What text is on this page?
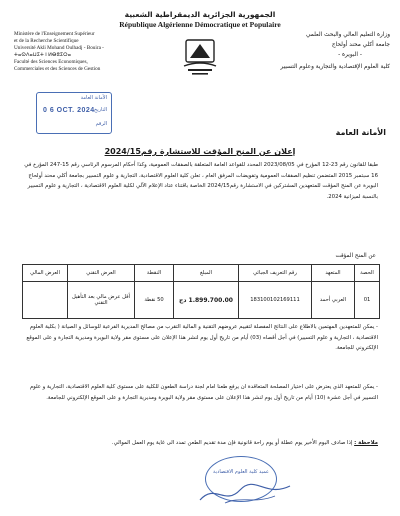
الجمهورية الجزائرية الديمقراطية الشعبية
République Algérienne Démocratique et Populaire
Ministère de l'Enseignement Supérieur
et de la Recherche Scientifique
Université Akli Mohand Oulhadj - Bouira -
ⵜⴰⵙⴷⴰⵡⵉⵜ ⵏ ⵍⴱⵓⵉⵔⴰ
Faculté des Sciences Economiques,
Commerciales et des Sciences de Gestion
وزارة التعليم العالي والبحث العلمي
جامعة أكلي محند أولحاج
- البويرة -
كلية العلوم الإقتصادية والتجارية وعلوم التسيير
الأمانة العامة
0 6 OCT. 2024
الرقم
التاريخ
الأمانة العامة
إعلان عن المنح المؤقت للاستشارة رقم2024/15
طبقا للقانون رقم 23-12 المؤرخ في 2023/08/05 المحدد للقواعد العامة المتعلقة بالصفقات العمومية، وكذا أحكام المرسوم الرئاسي رقم 15-247 المؤرخ في 16 سبتمبر 2015 المتضمن تنظيم الصفقات العمومية وتفويضات المرفق العام ، تعلن كلية العلوم الاقتصادية، التجارية و علوم التسيير بجامعة أكلي محند أولحاج البويرة عن المنح المؤقت للمتعهدين المشتركين في الاستشارة رقم2024/15 الخاصة باقتناء عتاد الإعلام الآلي لكلية العلوم الاقتصادية ، التجارية و علوم التسيير بالنسبة لميزانية 2024.
عن المنح المؤقت
الحصة	المتعهد	رقم التعريف الجبائي	المبلغ	النقطة	العرض التقني	العرض المالي
01	العربي أحمد	183100102169111	1.899.700.00 دج	50 نقطة	أقل عرض مالي بعد التأهيل التقني	
- يمكن للمتعهدين المهتمين بالاطلاع على النتائج المفصلة لتقييم عروضهم التقنية و المالية التقرب من مصالح المديرية الفرعية للوسائل و الصيانة ( بكلية العلوم الاقتصادية ، التجارية و علوم التسيير) في أجل أقصاه (03) أيام من تاريخ أول يوم لنشر هذا الإعلان على مستوى مقر ولاية البويرة ومديرية التجارة و على الموقع الإلكتروني للجامعة.
- يمكن للمتعهد الذي يعترض على اختيار المصلحة المتعاقدة ان يرفع طعنا امام لجنة دراسة الطعون للكلية على مستوى كلية العلوم الاقتصادية، التجارية و علوم التسيير في أجل عشرة (10) أيام من تاريخ أول يوم لنشر هذا الإعلان على مستوى مقر ولاية البويرة ومديرية التجارة و على الموقع الإلكتروني للجامعة.
ملاحظة : إذا صادف اليوم الأخير يوم عطلة أو يوم راحة قانونية فإن مدة تقديم الطعن تمدد الى غاية يوم العمل الموالي.
عميد كلية العلوم الاقتصادية
